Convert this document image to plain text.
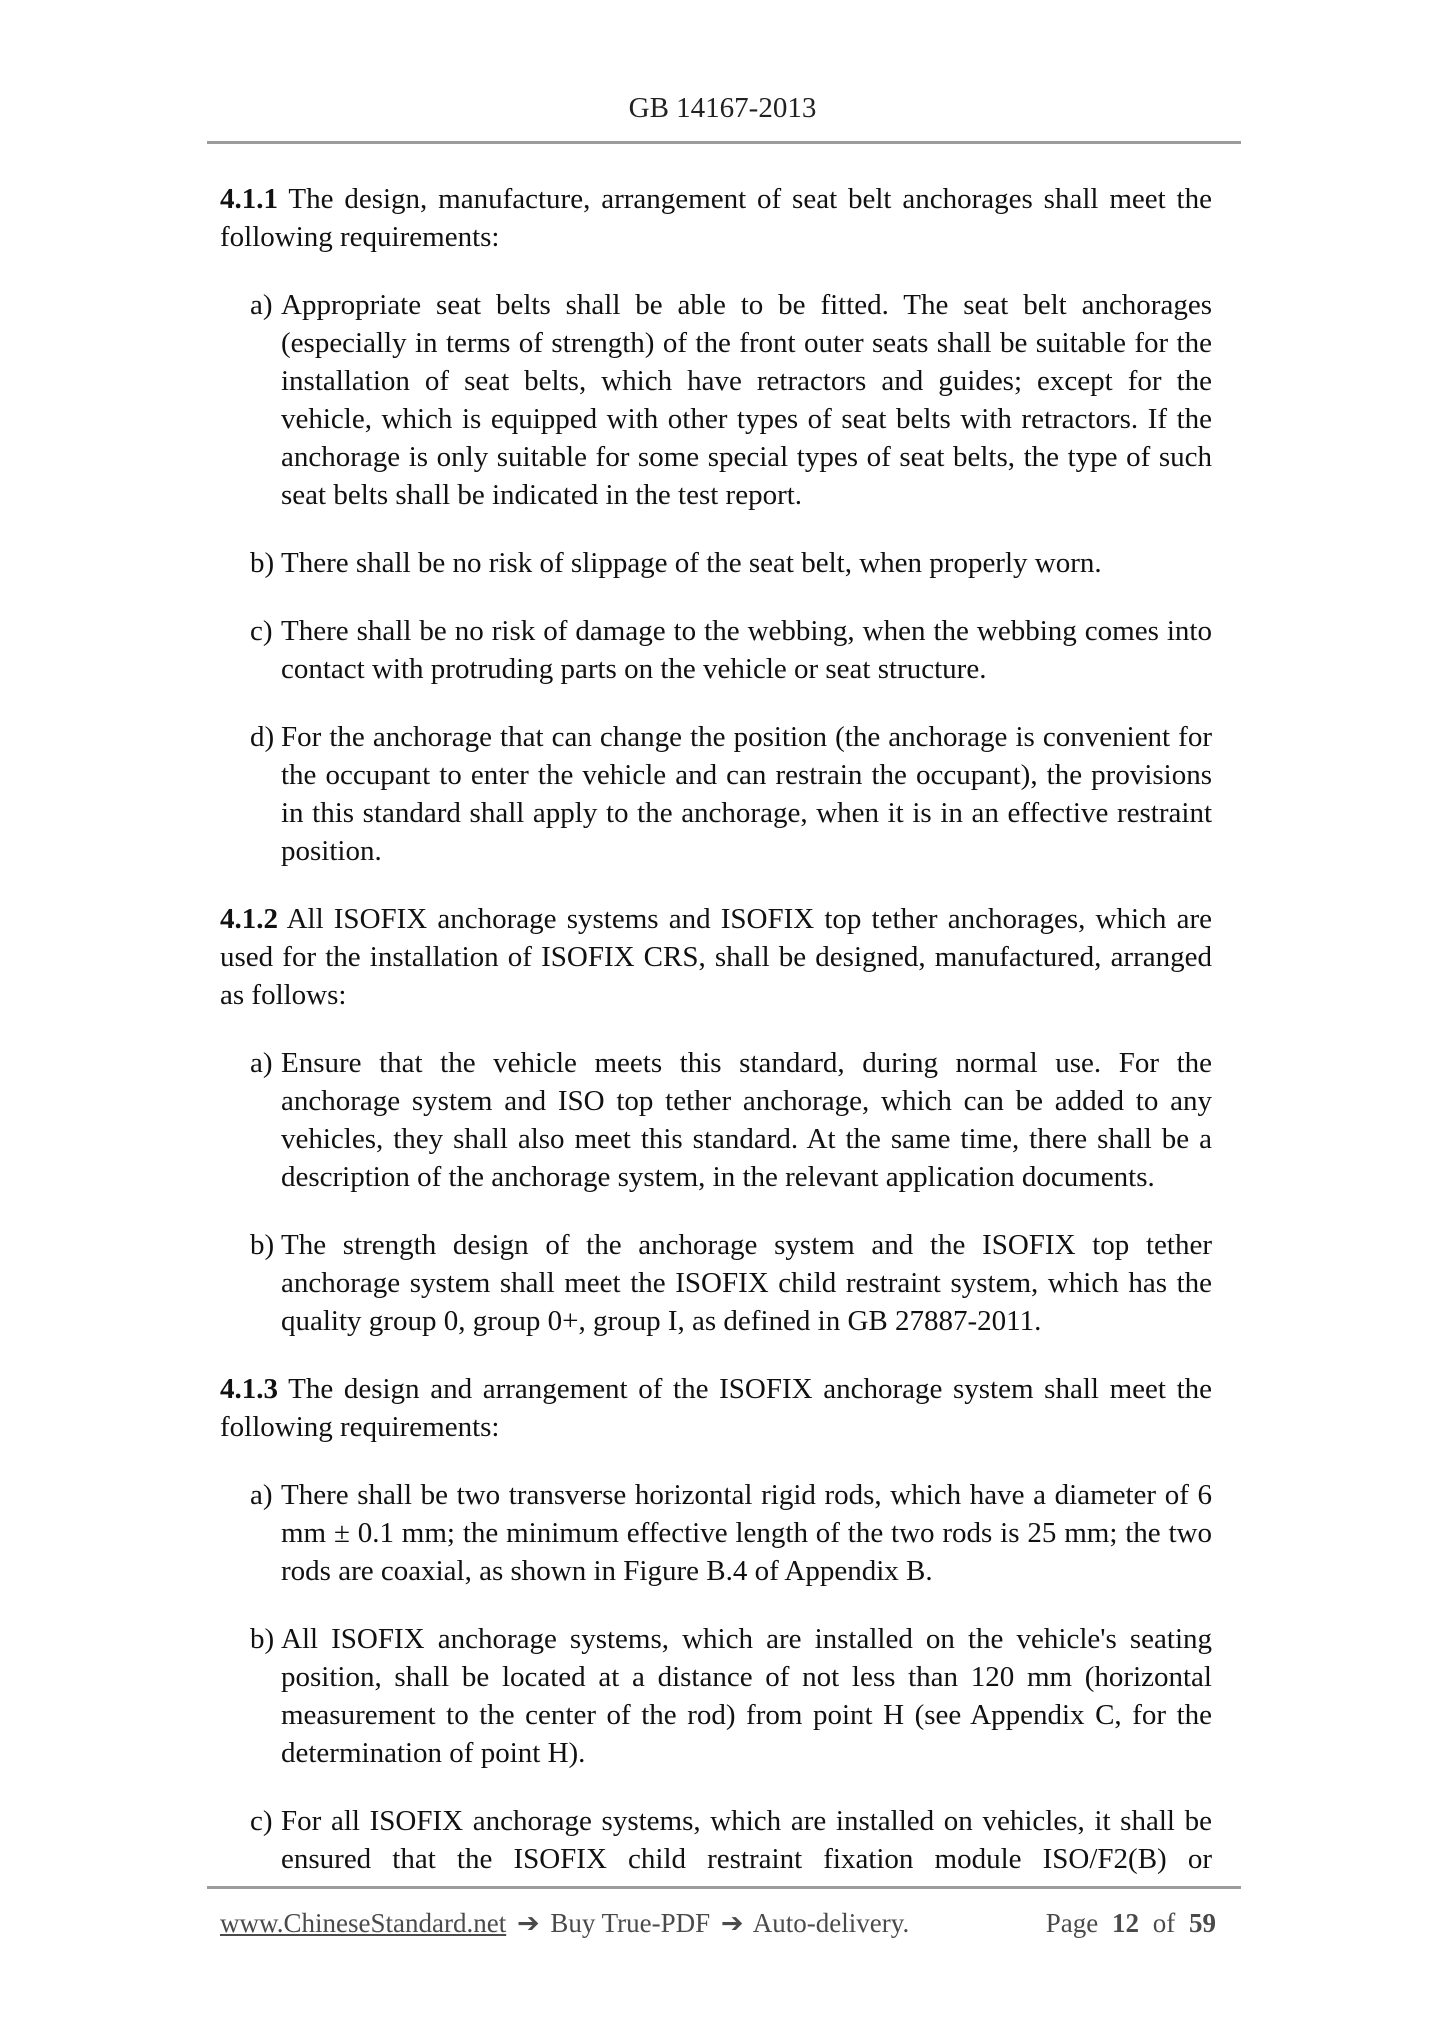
GB 14167-2013

4.1.1 The design, manufacture, arrangement of seat belt anchorages shall meet the following requirements:

a) Appropriate seat belts shall be able to be fitted. The seat belt anchorages (especially in terms of strength) of the front outer seats shall be suitable for the installation of seat belts, which have retractors and guides; except for the vehicle, which is equipped with other types of seat belts with retractors. If the anchorage is only suitable for some special types of seat belts, the type of such seat belts shall be indicated in the test report.
b) There shall be no risk of slippage of the seat belt, when properly worn.
c) There shall be no risk of damage to the webbing, when the webbing comes into contact with protruding parts on the vehicle or seat structure.
d) For the anchorage that can change the position (the anchorage is convenient for the occupant to enter the vehicle and can restrain the occupant), the provisions in this standard shall apply to the anchorage, when it is in an effective restraint position.

4.1.2 All ISOFIX anchorage systems and ISOFIX top tether anchorages, which are used for the installation of ISOFIX CRS, shall be designed, manufactured, arranged as follows:

a) Ensure that the vehicle meets this standard, during normal use. For the anchorage system and ISO top tether anchorage, which can be added to any vehicles, they shall also meet this standard. At the same time, there shall be a description of the anchorage system, in the relevant application documents.
b) The strength design of the anchorage system and the ISOFIX top tether anchorage system shall meet the ISOFIX child restraint system, which has the quality group 0, group 0+, group I, as defined in GB 27887-2011.

4.1.3 The design and arrangement of the ISOFIX anchorage system shall meet the following requirements:

a) There shall be two transverse horizontal rigid rods, which have a diameter of 6 mm ± 0.1 mm; the minimum effective length of the two rods is 25 mm; the two rods are coaxial, as shown in Figure B.4 of Appendix B.
b) All ISOFIX anchorage systems, which are installed on the vehicle's seating position, shall be located at a distance of not less than 120 mm (horizontal measurement to the center of the rod) from point H (see Appendix C, for the determination of point H).
c) For all ISOFIX anchorage systems, which are installed on vehicles, it shall be ensured that the ISOFIX child restraint fixation module ISO/F2(B) or
www.ChineseStandard.net ➔ Buy True-PDF ➔ Auto-delivery.	Page 12 of 59
